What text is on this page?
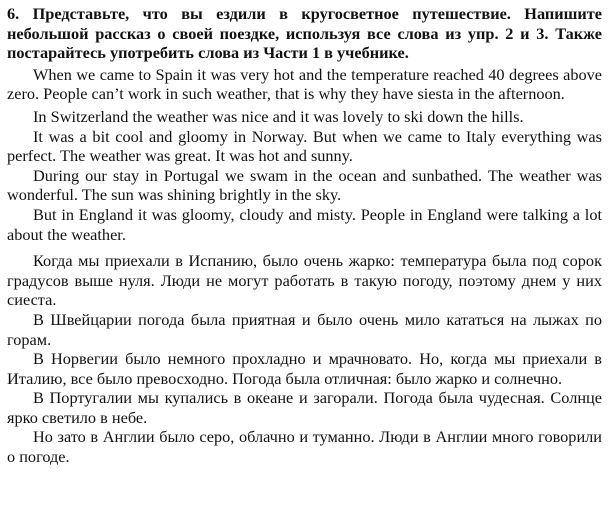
6. Представьте, что вы ездили в кругосветное путешествие. Напишите небольшой рассказ о своей поездке, используя все слова из упр. 2 и 3. Также постарайтесь употребить слова из Части 1 в учебнике.

When we came to Spain it was very hot and the temperature reached 40 degrees above zero. People can’t work in such weather, that is why they have siesta in the afternoon.

In Switzerland the weather was nice and it was lovely to ski down the hills.

It was a bit cool and gloomy in Norway. But when we came to Italy everything was perfect. The weather was great. It was hot and sunny.

During our stay in Portugal we swam in the ocean and sunbathed. The weather was wonderful. The sun was shining brightly in the sky.

But in England it was gloomy, cloudy and misty. People in England were talking a lot about the weather.

Когда мы приехали в Испанию, было очень жарко: температура была под сорок градусов выше нуля. Люди не могут работать в такую погоду, поэтому днем у них сиеста.

В Швейцарии погода была приятная и было очень мило кататься на лыжах по горам.

В Норвегии было немного прохладно и мрачновато. Но, когда мы приехали в Италию, все было превосходно. Погода была отличная: было жарко и солнечно.

В Португалии мы купались в океане и загорали. Погода была чудесная. Солнце ярко светило в небе.

Но зато в Англии было серо, облачно и туманно. Люди в Англии много говорили о погоде.
